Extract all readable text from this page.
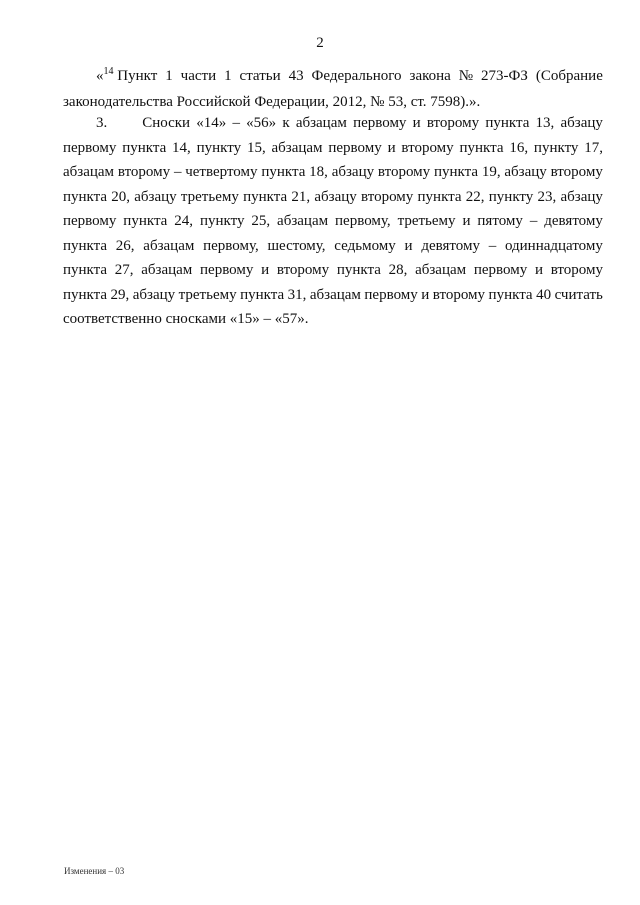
2
«$^{14}$ Пункт 1 части 1 статьи 43 Федерального закона № 273-ФЗ (Собрание
законодательства Российской Федерации, 2012, № 53, ст. 7598).».
3.	Сноски «14» – «56» к абзацам первому и второму пункта 13, абзацу
первому пункта 14, пункту 15, абзацам первому и второму пункта 16, пункту 17,
абзацам второму – четвертому пункта 18, абзацу второму пункта 19, абзацу второму
пункта 20, абзацу третьему пункта 21, абзацу второму пункта 22, пункту 23, абзацу
первому пункта 24, пункту 25, абзацам первому, третьему и пятому – девятому
пункта 26, абзацам первому, шестому, седьмому и девятому – одиннадцатому
пункта 27, абзацам первому и второму пункта 28, абзацам первому и второму
пункта 29, абзацу третьему пункта 31, абзацам первому и второму пункта 40 считать
соответственно сносками «15» – «57».
Изменения – 03
